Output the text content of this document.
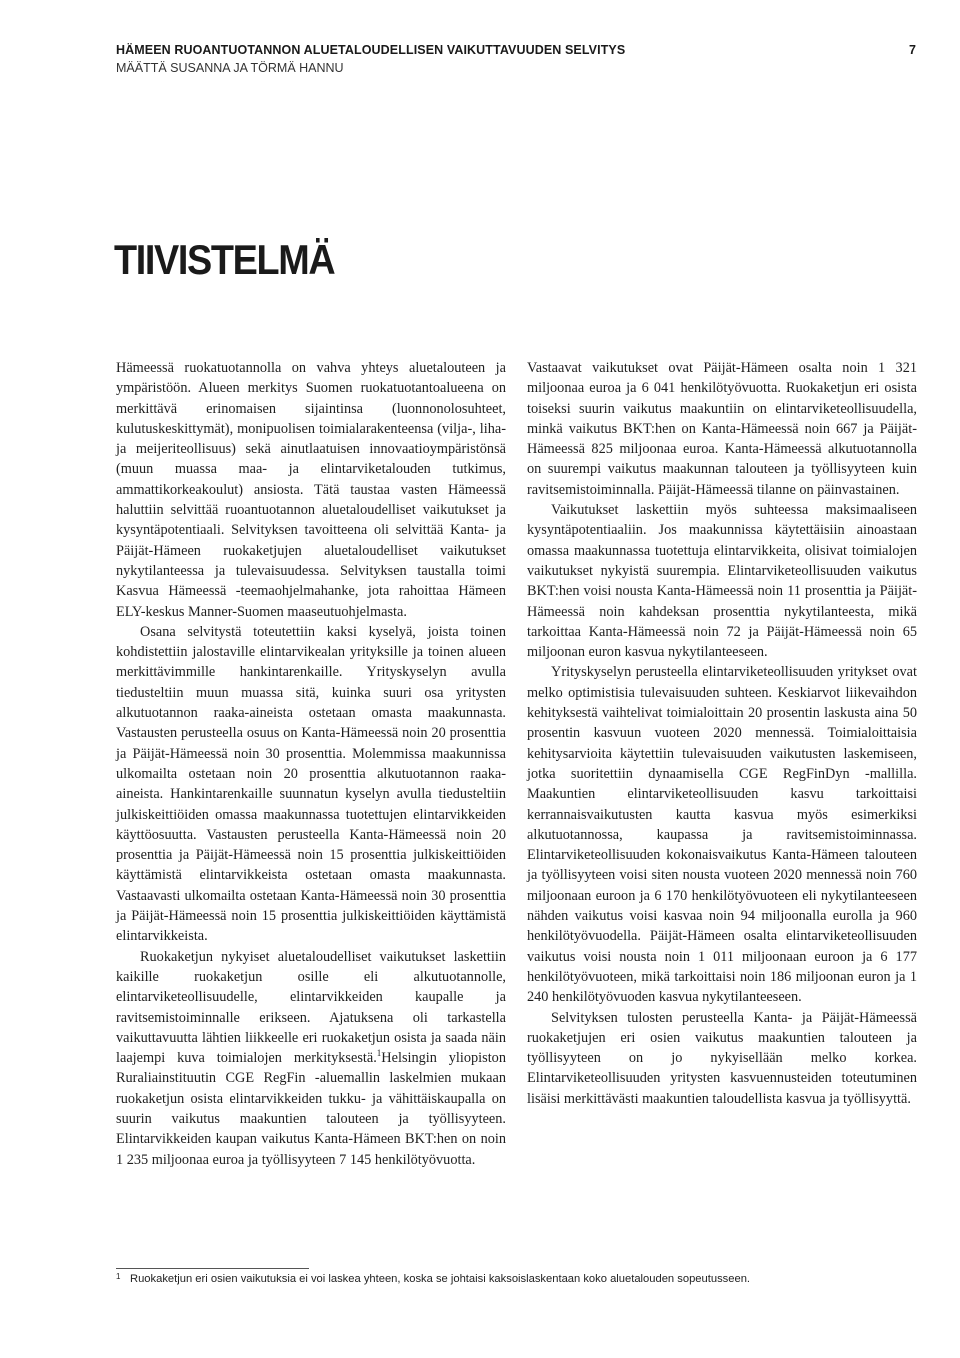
HÄMEEN RUOANTUOTANNON ALUETALOUDELLISEN VAIKUTTAVUUDEN SELVITYS

MÄÄTTÄ SUSANNA JA TÖRMÄ HANNU

7
TIIVISTELMÄ

Hämeessä ruokatuotannolla on vahva yhteys aluetalouteen ja ympäristöön. Alueen merkitys Suomen ruokatuotantoalueena on merkittävä erinomaisen sijaintinsa (luonnonolosuhteet, kulutuskeskittymät), monipuolisen toimialarakenteensa (vilja-, liha- ja meijeriteollisuus) sekä ainutlaatuisen innovaatioympäristönsä (muun muassa maa- ja elintarviketalouden tutkimus, ammattikorkeakoulut) ansiosta. Tätä taustaa vasten Hämeessä haluttiin selvittää ruoantuotannon aluetaloudelliset vaikutukset ja kysyntäpotentiaali. Selvityksen tavoitteena oli selvittää Kanta- ja Päijät-Hämeen ruokaketjujen aluetaloudelliset vaikutukset nykytilanteessa ja tulevaisuudessa. Selvityksen taustalla toimi Kasvua Hämeessä -teemaohjelmahanke, jota rahoittaa Hämeen ELY-keskus Manner-Suomen maaseutuohjelmasta.

Osana selvitystä toteutettiin kaksi kyselyä, joista toinen kohdistettiin jalostaville elintarvikealan yrityksille ja toinen alueen merkittävimmille hankintarenkaille. Yrityskyselyn avulla tiedusteltiin muun muassa sitä, kuinka suuri osa yritysten alkutuotannon raaka-aineista ostetaan omasta maakunnasta. Vastausten perusteella osuus on Kanta-Hämeessä noin 20 prosenttia ja Päijät-Hämeessä noin 30 prosenttia. Molemmissa maakunnissa ulkomailta ostetaan noin 20 prosenttia alkutuotannon raaka-aineista. Hankintarenkaille suunnatun kyselyn avulla tiedusteltiin julkiskeittiöiden omassa maakunnassa tuotettujen elintarvikkeiden käyttöosuutta. Vastausten perusteella Kanta-Hämeessä noin 20 prosenttia ja Päijät-Hämeessä noin 15 prosenttia julkiskeittiöiden käyttämistä elintarvikkeista ostetaan omasta maakunnasta. Vastaavasti ulkomailta ostetaan Kanta-Hämeessä noin 30 prosenttia ja Päijät-Hämeessä noin 15 prosenttia julkiskeittiöiden käyttämistä elintarvikkeista.

Ruokaketjun nykyiset aluetaloudelliset vaikutukset laskettiin kaikille ruokaketjun osille eli alkutuotannolle, elintarviketeollisuudelle, elintarvikkeiden kaupalle ja ravitsemistoiminnalle erikseen. Ajatuksena oli tarkastella vaikuttavuutta lähtien liikkeelle eri ruokaketjun osista ja saada näin laajempi kuva toimialojen merkityksestä.$^1$Helsingin yliopiston Ruraliainstituutin CGE RegFin -aluemallin laskelmien mukaan ruokaketjun osista elintarvikkeiden tukku- ja vähittäiskaupalla on suurin vaikutus maakuntien talouteen ja työllisyyteen. Elintarvikkeiden kaupan vaikutus Kanta-Hämeen BKT:hen on noin 1 235 miljoonaa euroa ja työllisyyteen 7 145 henkilötyövuotta.

Vastaavat vaikutukset ovat Päijät-Hämeen osalta noin 1 321 miljoonaa euroa ja 6 041 henkilötyövuotta. Ruokaketjun eri osista toiseksi suurin vaikutus maakuntiin on elintarviketeollisuudella, minkä vaikutus BKT:hen on Kanta-Hämeessä noin 667 ja Päijät-Hämeessä 825 miljoonaa euroa. Kanta-Hämeessä alkutuotannolla on suurempi vaikutus maakunnan talouteen ja työllisyyteen kuin ravitsemistoiminnalla. Päijät-Hämeessä tilanne on päinvastainen.

Vaikutukset laskettiin myös suhteessa maksimaaliseen kysyntäpotentiaaliin. Jos maakunnissa käytettäisiin ainoastaan omassa maakunnassa tuotettuja elintarvikkeita, olisivat toimialojen vaikutukset nykyistä suurempia. Elintarviketeollisuuden vaikutus BKT:hen voisi nousta Kanta-Hämeessä noin 11 prosenttia ja Päijät-Hämeessä noin kahdeksan prosenttia nykytilanteesta, mikä tarkoittaa Kanta-Hämeessä noin 72 ja Päijät-Hämeessä noin 65 miljoonan euron kasvua nykytilanteeseen.

Yrityskyselyn perusteella elintarviketeollisuuden yritykset ovat melko optimistisia tulevaisuuden suhteen. Keskiarvot liikevaihdon kehityksestä vaihtelivat toimialoittain 20 prosentin laskusta aina 50 prosentin kasvuun vuoteen 2020 mennessä. Toimialoittaisia kehitysarvioita käytettiin tulevaisuuden vaikutusten laskemiseen, jotka suoritettiin dynaamisella CGE RegFinDyn -mallilla. Maakuntien elintarviketeollisuuden kasvu tarkoittaisi kerrannaisvaikutusten kautta kasvua myös esimerkiksi alkutuotannossa, kaupassa ja ravitsemistoiminnassa. Elintarviketeollisuuden kokonaisvaikutus Kanta-Hämeen talouteen ja työllisyyteen voisi siten nousta vuoteen 2020 mennessä noin 760 miljoonaan euroon ja 6 170 henkilötyövuoteen eli nykytilanteeseen nähden vaikutus voisi kasvaa noin 94 miljoonalla eurolla ja 960 henkilötyövuodella. Päijät-Hämeen osalta elintarviketeollisuuden vaikutus voisi nousta noin 1 011 miljoonaan euroon ja 6 177 henkilötyövuoteen, mikä tarkoittaisi noin 186 miljoonan euron ja 1 240 henkilötyövuoden kasvua nykytilanteeseen.

Selvityksen tulosten perusteella Kanta- ja Päijät-Hämeessä ruokaketjujen eri osien vaikutus maakuntien talouteen ja työllisyyteen on jo nykyisellään melko korkea. Elintarviketeollisuuden yritysten kasvuennusteiden toteutuminen lisäisi merkittävästi maakuntien taloudellista kasvua ja työllisyyttä.

1 Ruokaketjun eri osien vaikutuksia ei voi laskea yhteen, koska se johtaisi kaksoislaskentaan koko aluetalouden sopeutusseen.
